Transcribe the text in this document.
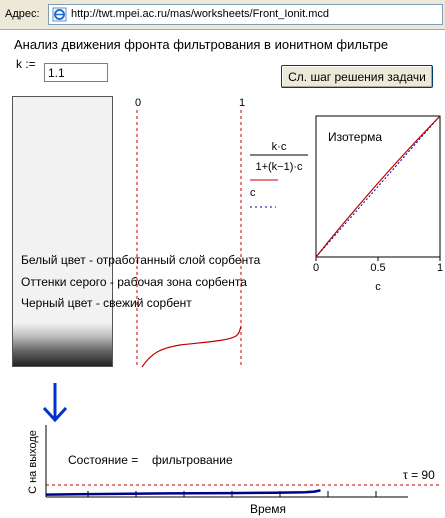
Адрес:	http://twt.mpei.ac.ru/mas/worksheets/Front_Ionit.mcd
Анализ движения фронта фильтрования в ионитном фильтре
k :=
1.1
Сл. шаг решения задачи
0	1
k·c
1+(k−1)·c
c
Изотерма
0	0.5	1
c
С на выходе	τ = 90
Состояние = фильтрование
Время
Белый цвет - отработанный слой сорбента
Оттенки серого - рабочая зона сорбента
Черный цвет - свежий сорбент
